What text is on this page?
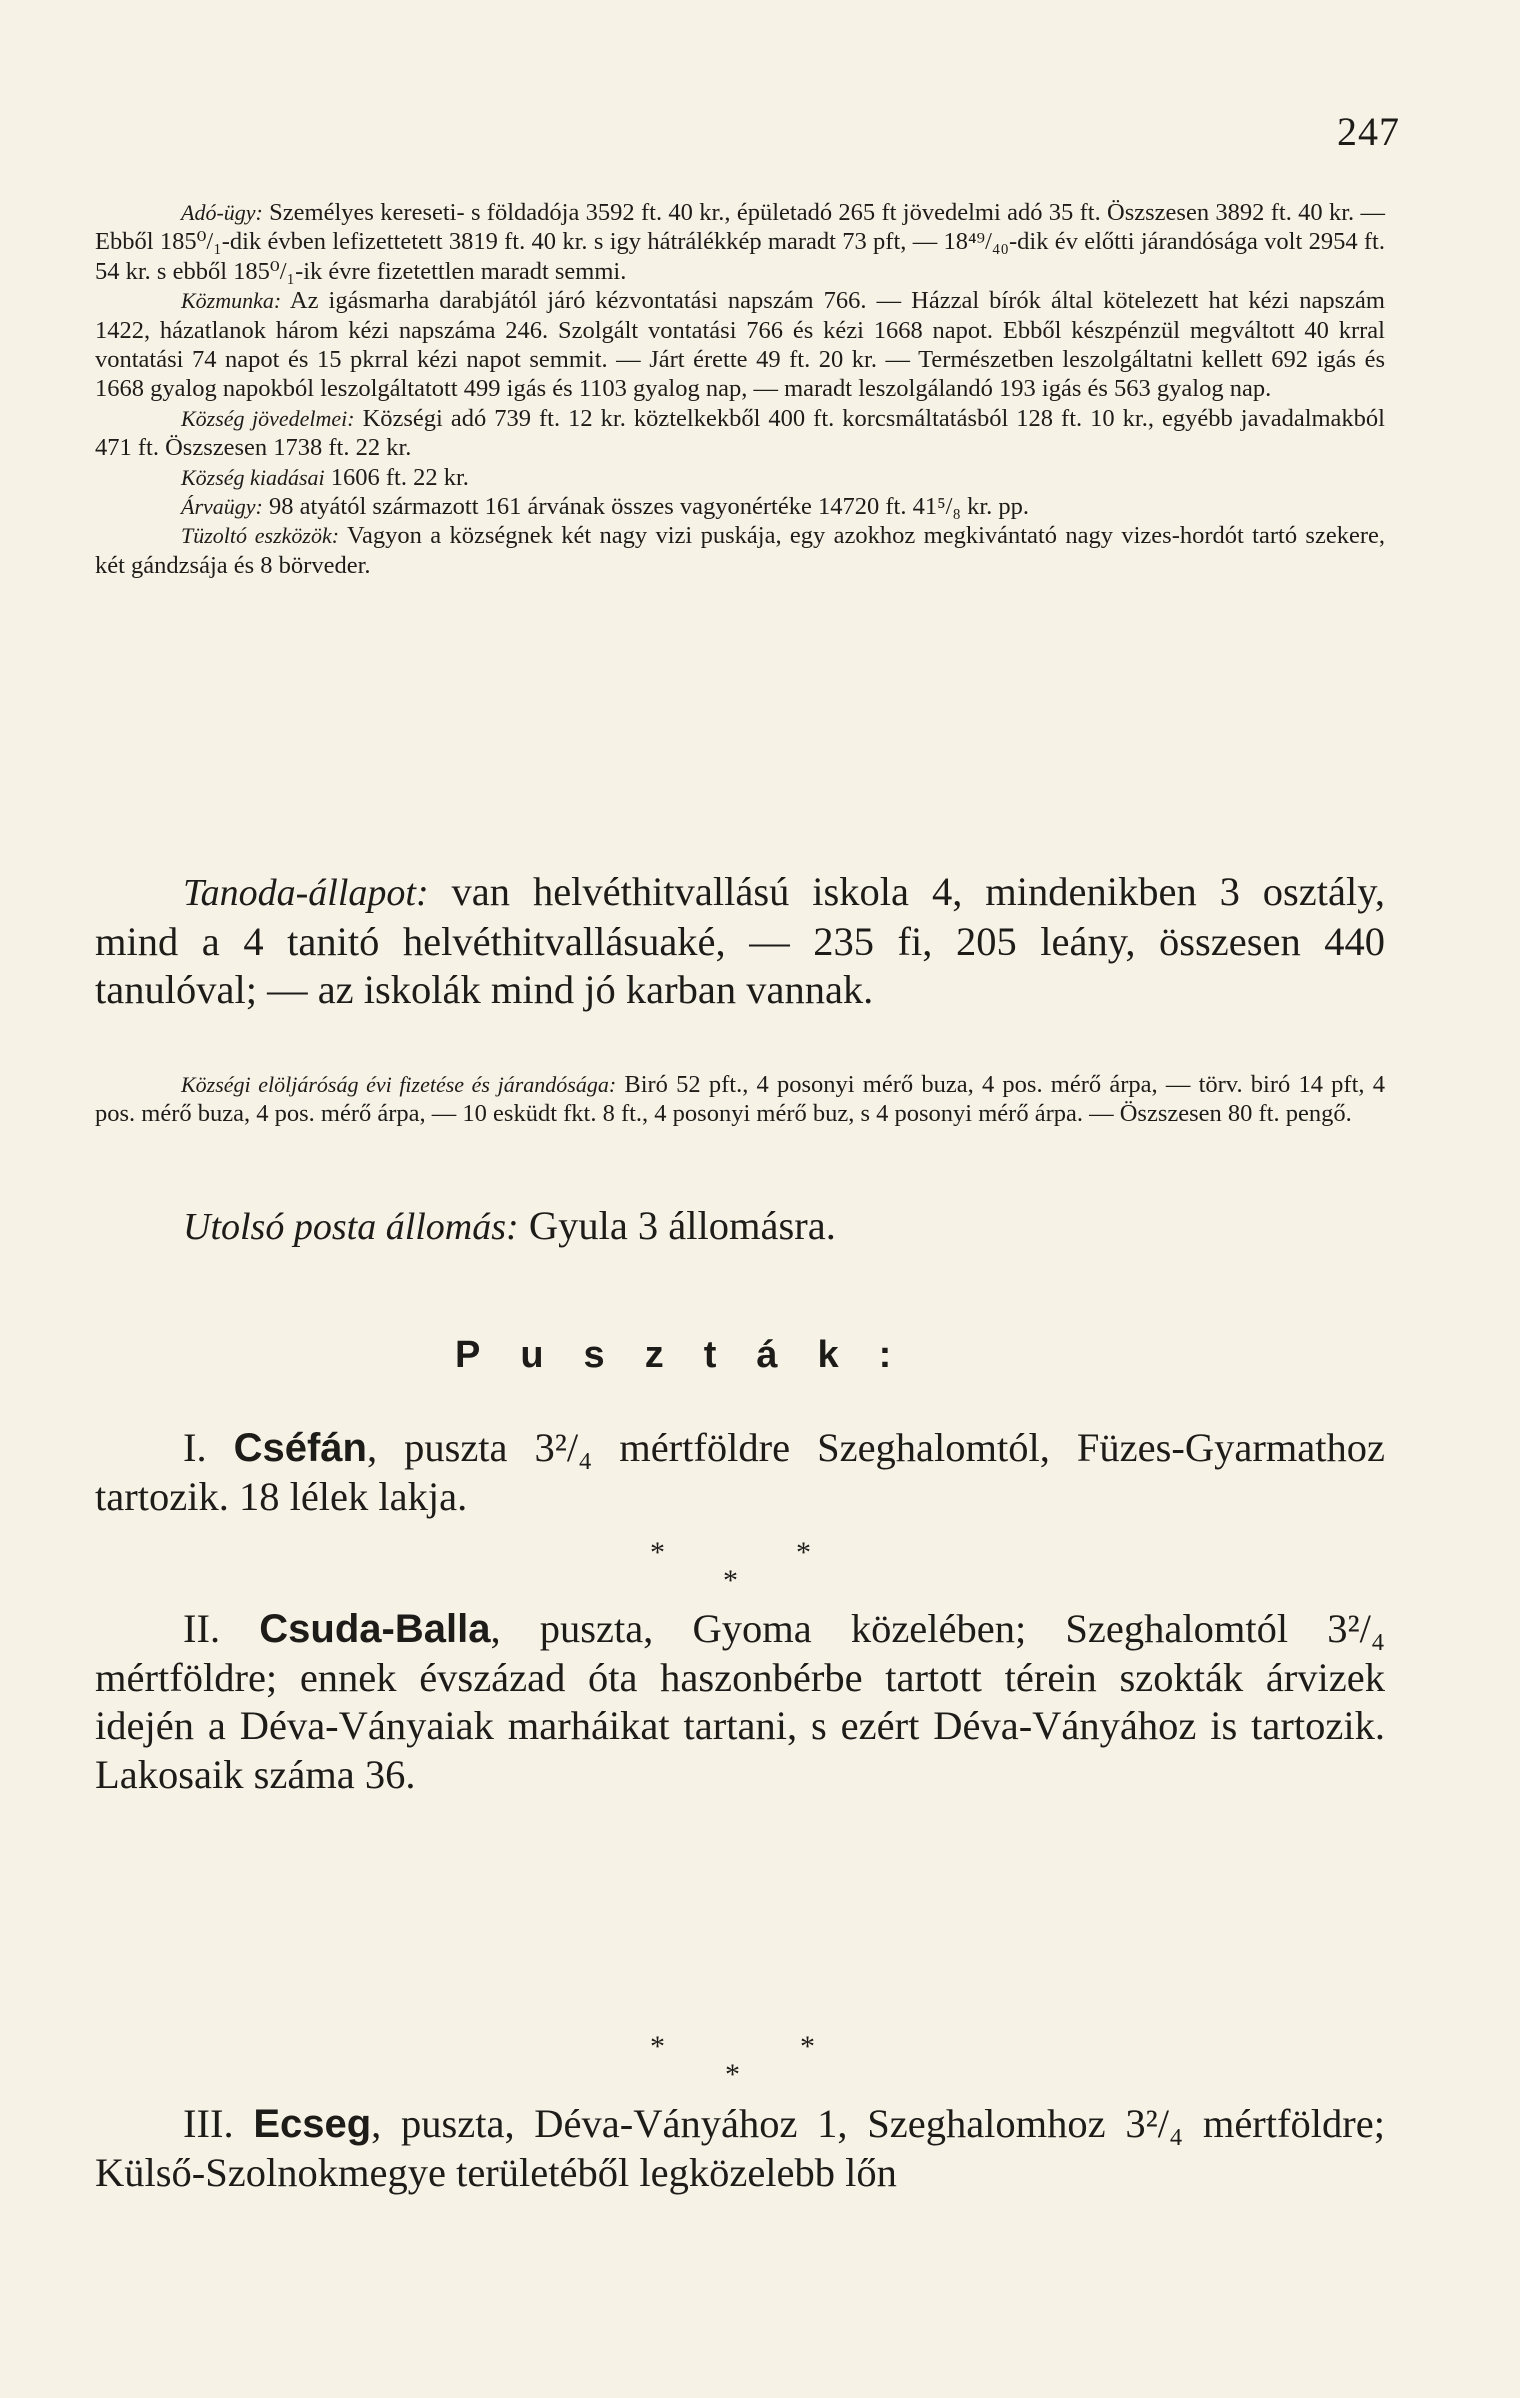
247

Adó-ügy: Személyes kereseti- s földadója 3592 ft. 40 kr., épületadó 265 ft jövedelmi adó 35 ft. Öszszesen 3892 ft. 40 kr. — Ebből 185⁰/₁-dik évben lefizettetett 3819 ft. 40 kr. s igy hátrálékkép maradt 73 pft, — 18⁴⁹/₄₀-dik év előtti járandósága volt 2954 ft. 54 kr. s ebből 185⁰/₁-ik évre fizetettlen maradt semmi.

Közmunka: Az igásmarha darabjától járó kézvontatási napszám 766. — Házzal bírók által kötelezett hat kézi napszám 1422, házatlanok három kézi napszáma 246. Szolgált vontatási 766 és kézi 1668 napot. Ebből készpénzül megváltott 40 krral vontatási 74 napot és 15 pkrral kézi napot semmit. — Járt érette 49 ft. 20 kr. — Természetben leszolgáltatni kellett 692 igás és 1668 gyalog napokból leszolgáltatott 499 igás és 1103 gyalog nap, — maradt leszolgálandó 193 igás és 563 gyalog nap.

Község jövedelmei: Községi adó 739 ft. 12 kr. köztelkekből 400 ft. korcsmáltatásból 128 ft. 10 kr., egyébb javadalmakból 471 ft. Öszszesen 1738 ft. 22 kr.

Község kiadásai 1606 ft. 22 kr.

Árvaügy: 98 atyától származott 161 árvának összes vagyonértéke 14720 ft. 41⁵/₈ kr. pp.

Tüzoltó eszközök: Vagyon a községnek két nagy vizi puskája, egy azokhoz megkivántató nagy vizes-hordót tartó szekere, két gándzsája és 8 börveder.

Tanoda-állapot: van helvéthitvallású iskola 4, mindenikben 3 osztály, mind a 4 tanitó helvéthitvallásuaké, — 235 fi, 205 leány, összesen 440 tanulóval; — az iskolák mind jó karban vannak.

Községi elöljáróság évi fizetése és járandósága: Biró 52 pft., 4 posonyi mérő buza, 4 pos. mérő árpa, — törv. biró 14 pft, 4 pos. mérő buza, 4 pos. mérő árpa, — 10 esküdt fkt. 8 ft., 4 posonyi mérő buz, s 4 posonyi mérő árpa. — Öszszesen 80 ft. pengő.

Utolsó posta állomás: Gyula 3 állomásra.

Puszták:

I. Cséfán, puszta 3²/₄ mértföldre Szeghalomtól, Füzes-Gyarmathoz tartozik. 18 lélek lakja.

*	*
*

II. Csuda-Balla, puszta, Gyoma közelében; Szeghalomtól 3²/₄ mértföldre; ennek évszázad óta haszonbérbe tartott térein szokták árvizek idején a Déva-Ványaiak marháikat tartani, s ezért Déva-Ványához is tartozik. Lakosaik száma 36.

*	*
*

III. Ecseg, puszta, Déva-Ványához 1, Szeghalomhoz 3²/₄ mértföldre; Külső-Szolnokmegye területéből legközelebb lőn
